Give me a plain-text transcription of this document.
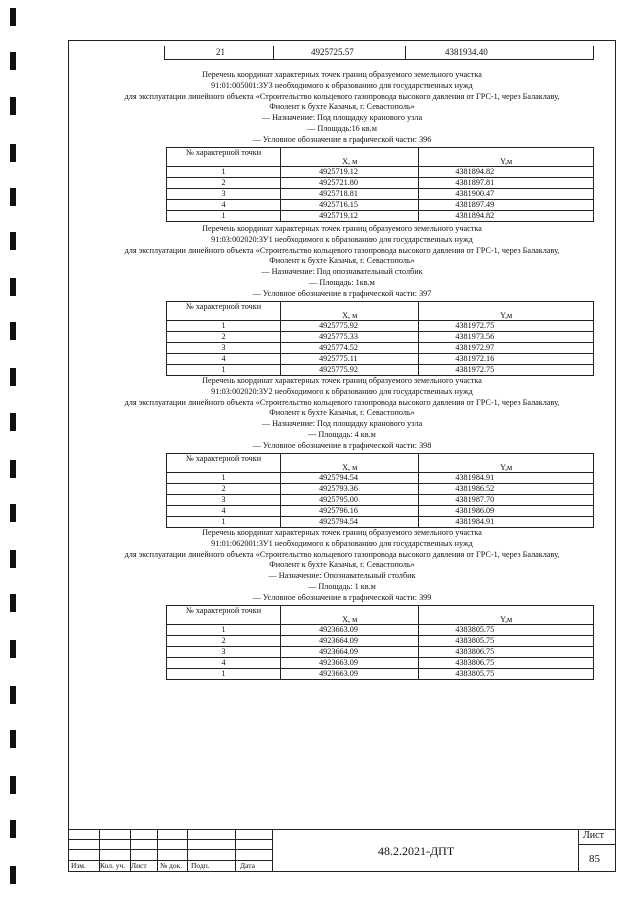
21	4925725.57	4381934.40
Перечень координат характерных точек границ образуемого земельного участка
91:01:005001:ЗУ3 необходимого к образованию для государственных нужд
для эксплуатации линейного объекта «Строительство кольцевого газопровода высокого давления от ГРС-1, через Балаклаву,
Фиолент к бухте Казачья, г. Севастополь»
— Назначение: Под площадку кранового узла
— Площадь:16 кв.м
— Условное обозначение в графической части: 396
№ характерной точки	X, м	Y,м
1	4925719.12	4381894.82
2	4925721.80	4381897.81
3	4925718.81	4381900.47
4	4925716.15	4381897.49
1	4925719.12	4381894.82
Перечень координат характерных точек границ образуемого земельного участка
91:03:002020:ЗУ1 необходимого к образованию для государственных нужд
для эксплуатации линейного объекта «Строительство кольцевого газопровода высокого давления от ГРС-1, через Балаклаву,
Фиолент к бухте Казачья, г. Севастополь»
— Назначение: Под опознавательный столбик
— Площадь: 1кв.м
— Условное обозначение в графической части: 397
№ характерной точки	X, м	Y,м
1	4925775.92	4381972.75
2	4925775.33	4381973.56
3	4925774.52	4381972.97
4	4925775.11	4381972.16
1	4925775.92	4381972.75
Перечень координат характерных точек границ образуемого земельного участка
91:03:002020:ЗУ2 необходимого к образованию для государственных нужд
для эксплуатации линейного объекта «Строительство кольцевого газопровода высокого давления от ГРС-1, через Балаклаву,
Фиолент к бухте Казачья, г. Севастополь»
— Назначение: Под площадку кранового узла
--- Площадь: 4 кв.м
— Условное обозначение в графической части: 398
№ характерной точки	X, м	Y,м
1	4925794.54	4381984.91
2	4925793.36	4381986.52
3	4925795.00	4381987.70
4	4925796.16	4381986.09
1	4925794.54	4381984.91
Перечень координат характерных точек границ образуемого земельного участка
91:01:062001:ЗУ1 необходимого к образованию для государственных нужд
для эксплуатации линейного объекта «Строительство кольцевого газопровода высокого давления от ГРС-1, через Балаклаву,
Фиолент к бухте Казачья, г. Севастополь»
— Назначение: Опознавательный столбик
— Площадь: 1 кв.м
— Условное обозначение в графической части: 399
№ характерной точки	X, м	Y,м
1	4923663.09	4383805.75
2	4923664.09	4383805.75
3	4923664.09	4383806.75
4	4923663.09	4383806.75
1	4923663.09	4383805.75
Изм. Кол. уч. Лист № док. Подп.	Дата
48.2.2021-ДПТ
Лист
85
